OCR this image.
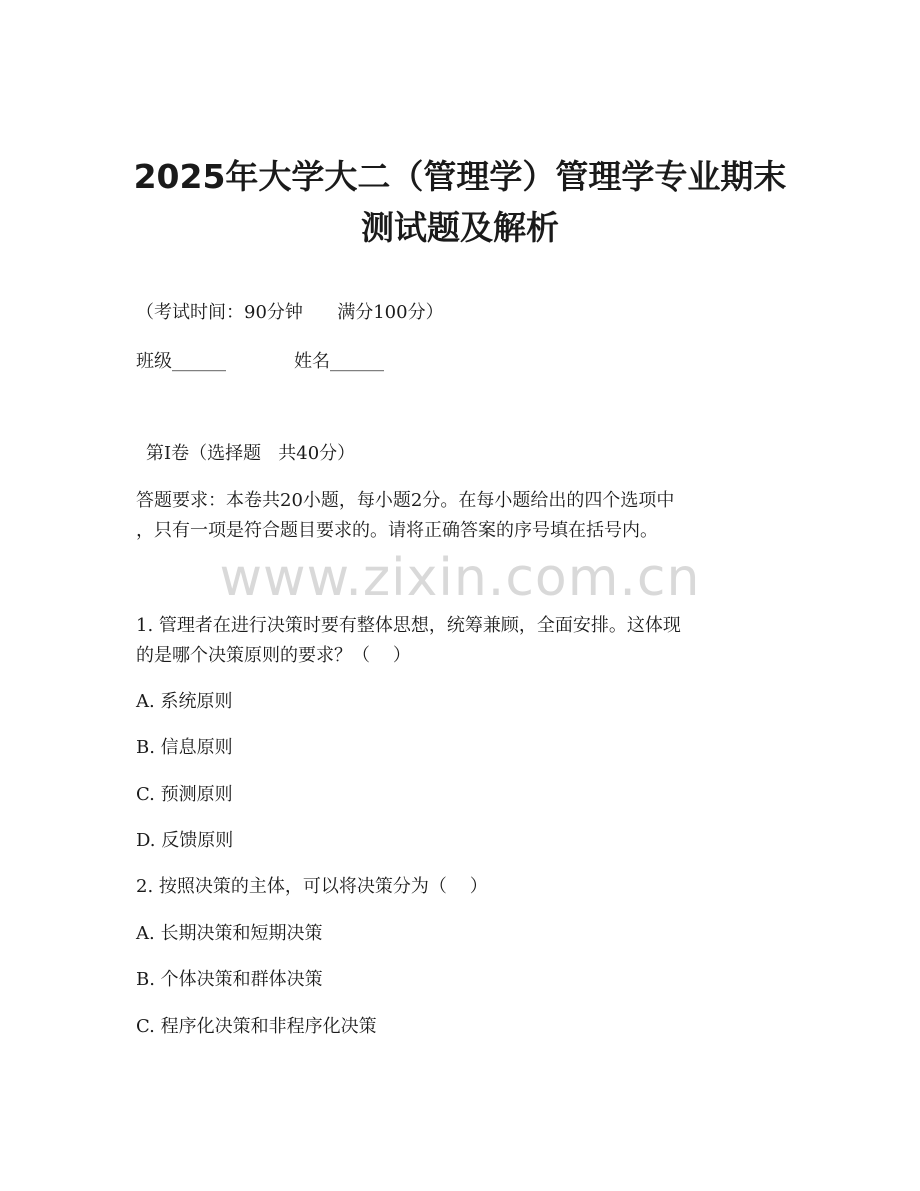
2025年大学大二（管理学）管理学专业期末
测试题及解析
（考试时间：90分钟      满分100分）
班级______	姓名______
第I卷（选择题   共40分）
答题要求：本卷共20小题，每小题2分。在每小题给出的四个选项中
，只有一项是符合题目要求的。请将正确答案的序号填在括号内。
www.zixin.com.cn
1. 管理者在进行决策时要有整体思想，统筹兼顾，全面安排。这体现
的是哪个决策原则的要求？（    ）
A. 系统原则
B. 信息原则
C. 预测原则
D. 反馈原则
2. 按照决策的主体，可以将决策分为（    ）
A. 长期决策和短期决策
B. 个体决策和群体决策
C. 程序化决策和非程序化决策
